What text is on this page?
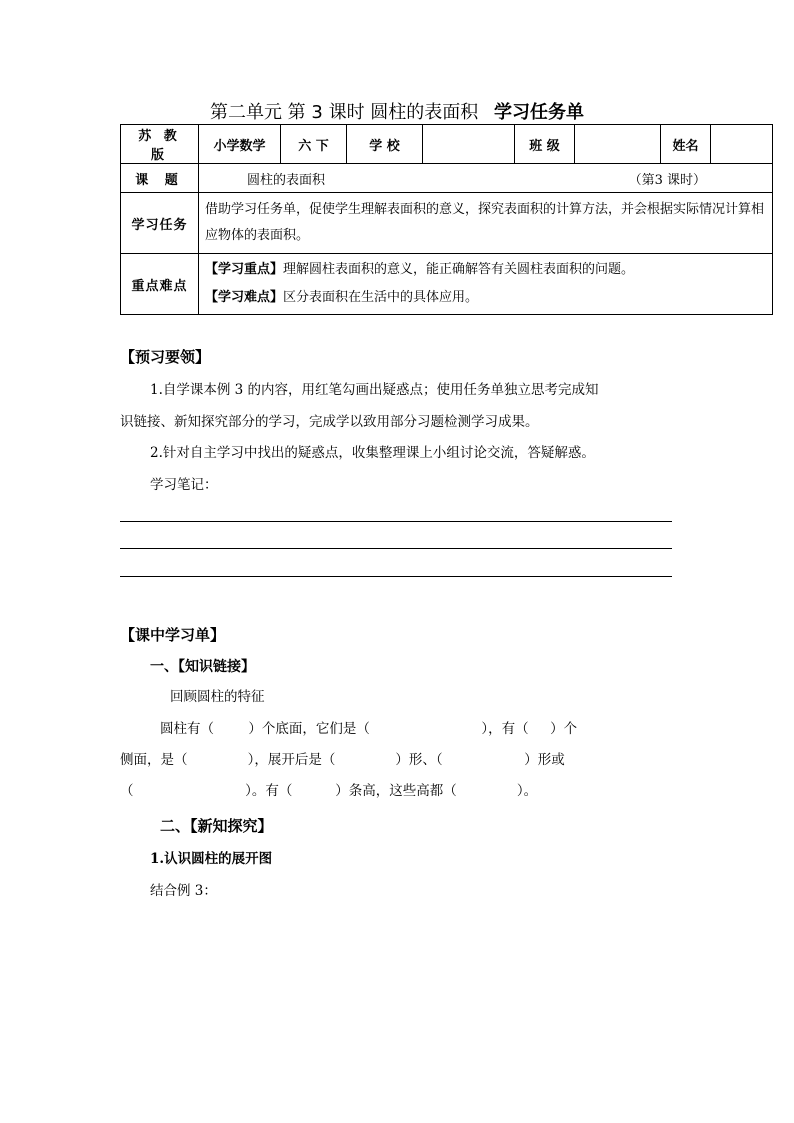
第二单元 第 3 课时 圆柱的表面积 学习任务单
苏 教 版	小学数学	六 下	学 校		班 级		姓名	
课 题	圆柱的表面积 （第3 课时）							

学习任务	借助学习任务单，促使学生理解表面积的意义，探究表面积的计算方法，并会根据实际情况计算相应物体的表面积。							
重点难点	【学习重点】理解圆柱表面积的意义，能正确解答有关圆柱表面积的问题。
【学习难点】区分表面积在生活中的具体应用。							
【预习要领】
1.自学课本例 3 的内容，用红笔勾画出疑惑点；使用任务单独立思考完成知
识链接、新知探究部分的学习，完成学以致用部分习题检测学习成果。
2.针对自主学习中找出的疑惑点，收集整理课上小组讨论交流，答疑解惑。
学习笔记：
【课中学习单】
一、【知识链接】
回顾圆柱的特征
圆柱有（        ）个底面，它们是（                          ），有（     ）个
侧面，是（              ），展开后是（              ）形、（                   ）形或
（                          ）。有（          ）条高，这些高都（              ）。
二、【新知探究】
1.认识圆柱的展开图
结合例 3：
